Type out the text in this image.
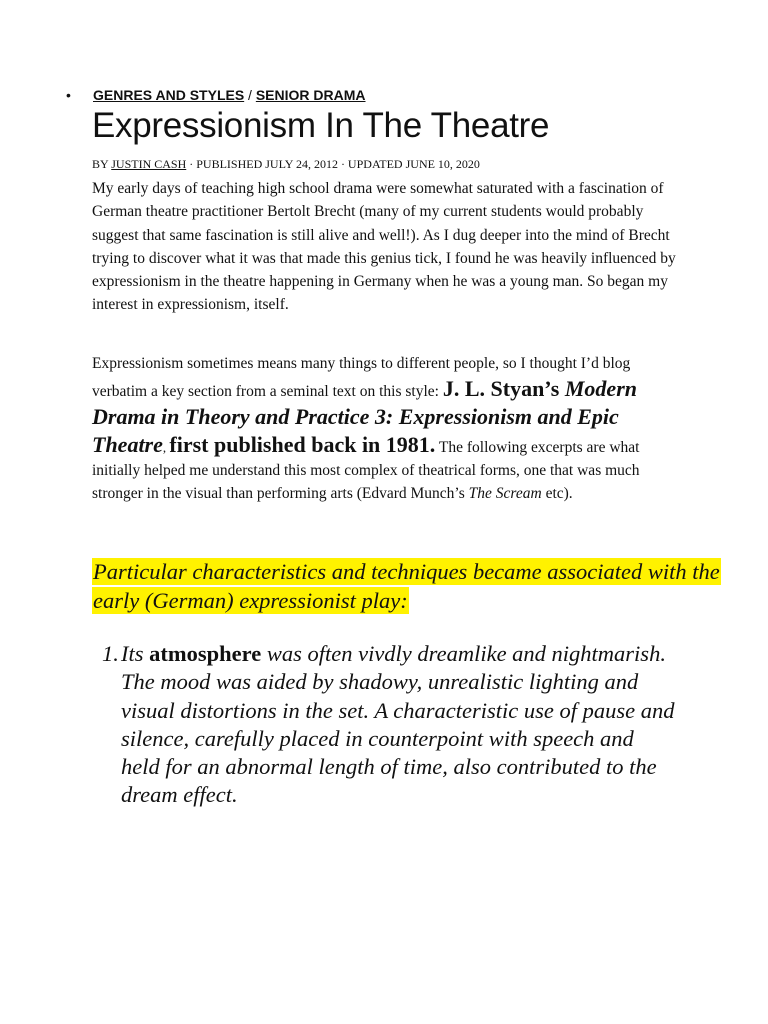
• GENRES AND STYLES / SENIOR DRAMA
Expressionism In The Theatre
BY JUSTIN CASH · PUBLISHED JULY 24, 2012 · UPDATED JUNE 10, 2020

My early days of teaching high school drama were somewhat saturated with a fascination of German theatre practitioner Bertolt Brecht (many of my current students would probably suggest that same fascination is still alive and well!). As I dug deeper into the mind of Brecht trying to discover what it was that made this genius tick, I found he was heavily influenced by expressionism in the theatre happening in Germany when he was a young man. So began my interest in expressionism, itself.

Expressionism sometimes means many things to different people, so I thought I’d blog verbatim a key section from a seminal text on this style: J. L. Styan’s Modern Drama in Theory and Practice 3: Expressionism and Epic Theatre, first published back in 1981. The following excerpts are what initially helped me understand this most complex of theatrical forms, one that was much stronger in the visual than performing arts (Edvard Munch’s The Scream etc).

Particular characteristics and techniques became associated with the early (German) expressionist play:

1. Its atmosphere was often vivdly dreamlike and nightmarish. The mood was aided by shadowy, unrealistic lighting and visual distortions in the set. A characteristic use of pause and silence, carefully placed in counterpoint with speech and held for an abnormal length of time, also contributed to the dream effect.
